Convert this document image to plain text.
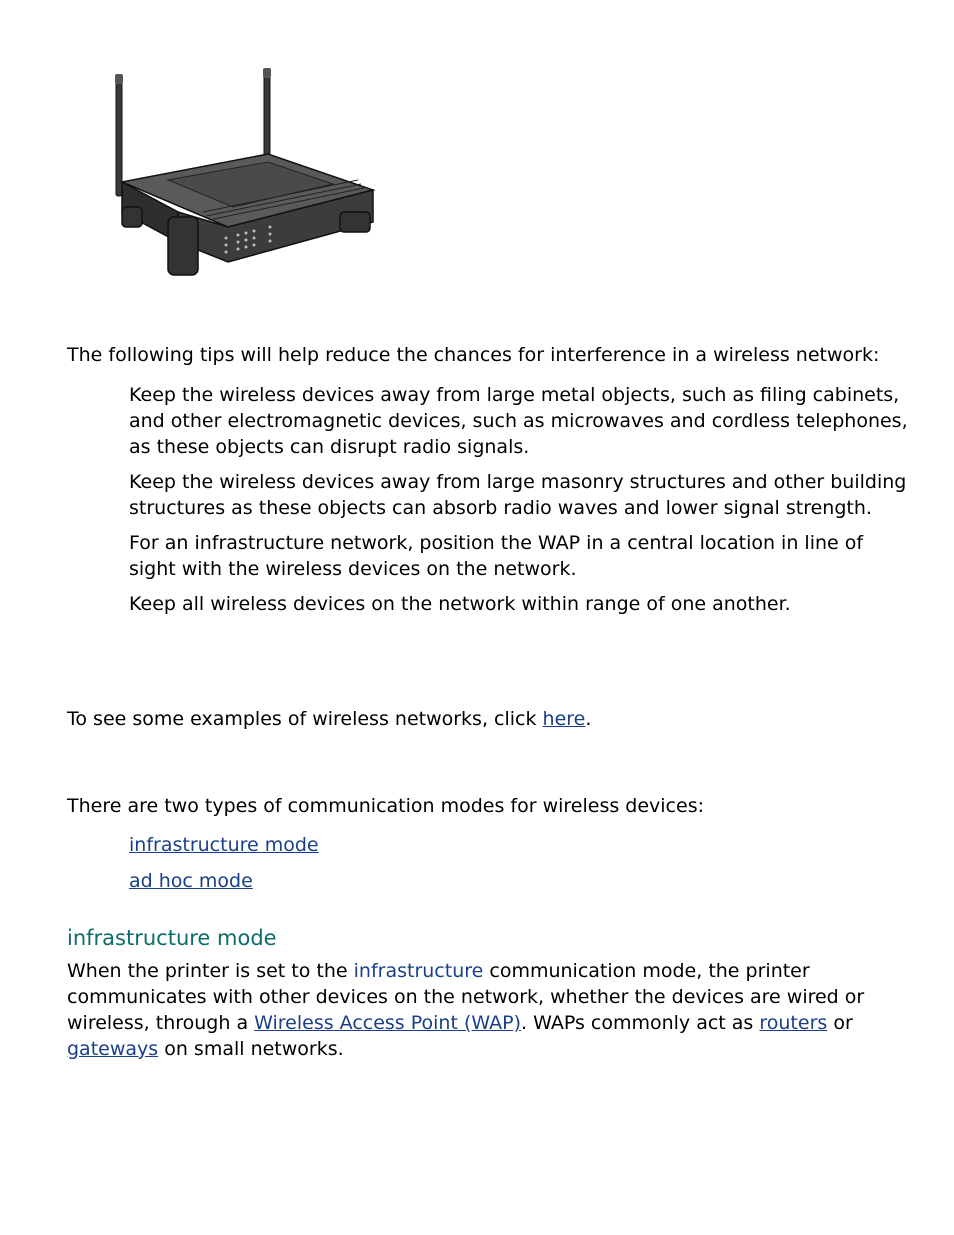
The following tips will help reduce the chances for interference in a wireless network:

Keep the wireless devices away from large metal objects, such as filing cabinets, and other electromagnetic devices, such as microwaves and cordless telephones, as these objects can disrupt radio signals.
Keep the wireless devices away from large masonry structures and other building structures as these objects can absorb radio waves and lower signal strength.
For an infrastructure network, position the WAP in a central location in line of sight with the wireless devices on the network.
Keep all wireless devices on the network within range of one another.

To see some examples of wireless networks, click here.

There are two types of communication modes for wireless devices:

infrastructure mode
ad hoc mode
infrastructure mode

When the printer is set to the infrastructure communication mode, the printer communicates with other devices on the network, whether the devices are wired or wireless, through a Wireless Access Point (WAP). WAPs commonly act as routers or gateways on small networks.
